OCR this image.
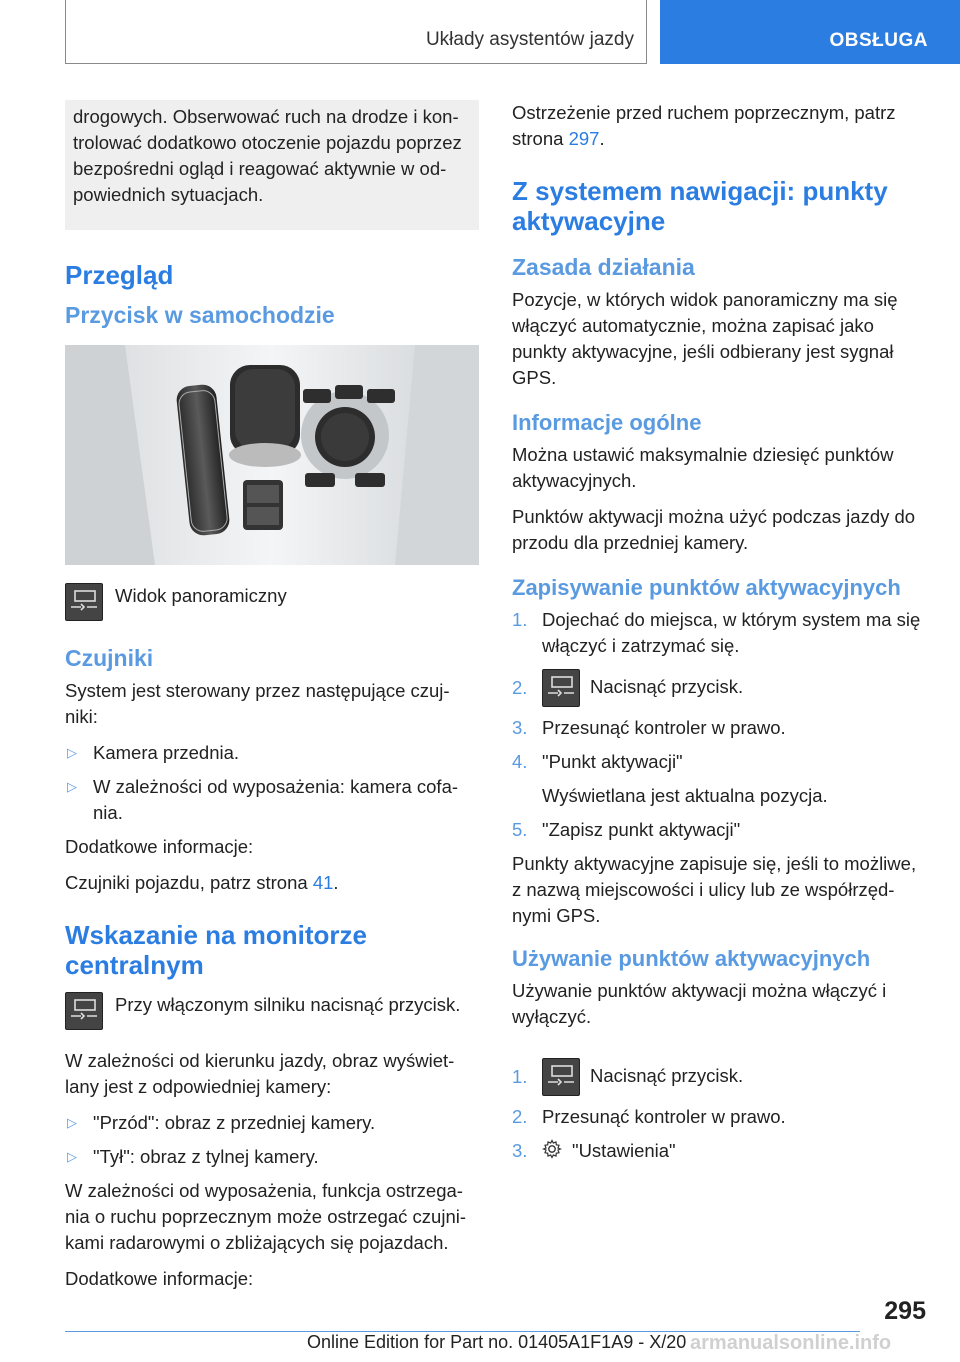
Układy asystentów jazdy	OBSŁUGA

drogowych. Obserwować ruch na drodze i kon-

trolować dodatkowo otoczenie pojazdu poprzez

bezpośredni ogląd i reagować aktywnie w od-

powiednich sytuacjach.

Przegląd
Przycisk w samochodzie
Widok panoramiczny
Czujniki

System jest sterowany przez następujące czuj-niki:

▷ Kamera przednia.
▷ W zależności od wyposażenia: kamera cofa-nia.

Dodatkowe informacje:

Czujniki pojazdu, patrz strona 41.

Wskazanie na monitorze centralnym
Przy włączonym silniku nacisnąć przycisk.

W zależności od kierunku jazdy, obraz wyświet-lany jest z odpowiedniej kamery:

▷ "Przód": obraz z przedniej kamery.
▷ "Tył": obraz z tylnej kamery.

W zależności od wyposażenia, funkcja ostrzega-nia o ruchu poprzecznym może ostrzegać czujni-kami radarowymi o zbliżających się pojazdach.

Dodatkowe informacje:

Ostrzeżenie przed ruchem poprzecznym, patrz strona 297.

Z systemem nawigacji: punkty aktywacyjne
Zasada działania

Pozycje, w których widok panoramiczny ma się włączyć automatycznie, można zapisać jako punkty aktywacyjne, jeśli odbierany jest sygnał GPS.

Informacje ogólne

Można ustawić maksymalnie dziesięć punktów aktywacyjnych.

Punktów aktywacji można użyć podczas jazdy do przodu dla przedniej kamery.

Zapisywanie punktów aktywacyjnych
1. Dojechać do miejsca, w którym system ma się włączyć i zatrzymać się.
2.	Nacisnąć przycisk.
3. Przesunąć kontroler w prawo.
4. "Punkt aktywacji"
Wyświetlana jest aktualna pozycja.
5. "Zapisz punkt aktywacji"

Punkty aktywacyjne zapisuje się, jeśli to możliwe, z nazwą miejscowości i ulicy lub ze współrzęd-nymi GPS.

Używanie punktów aktywacyjnych

Używanie punktów aktywacji można włączyć i wyłączyć.

1.	Nacisnąć przycisk.
2. Przesunąć kontroler w prawo.
3. "Ustawienia"
295
Online Edition for Part no. 01405A1F1A9 - X/20 armanualsonline.info
